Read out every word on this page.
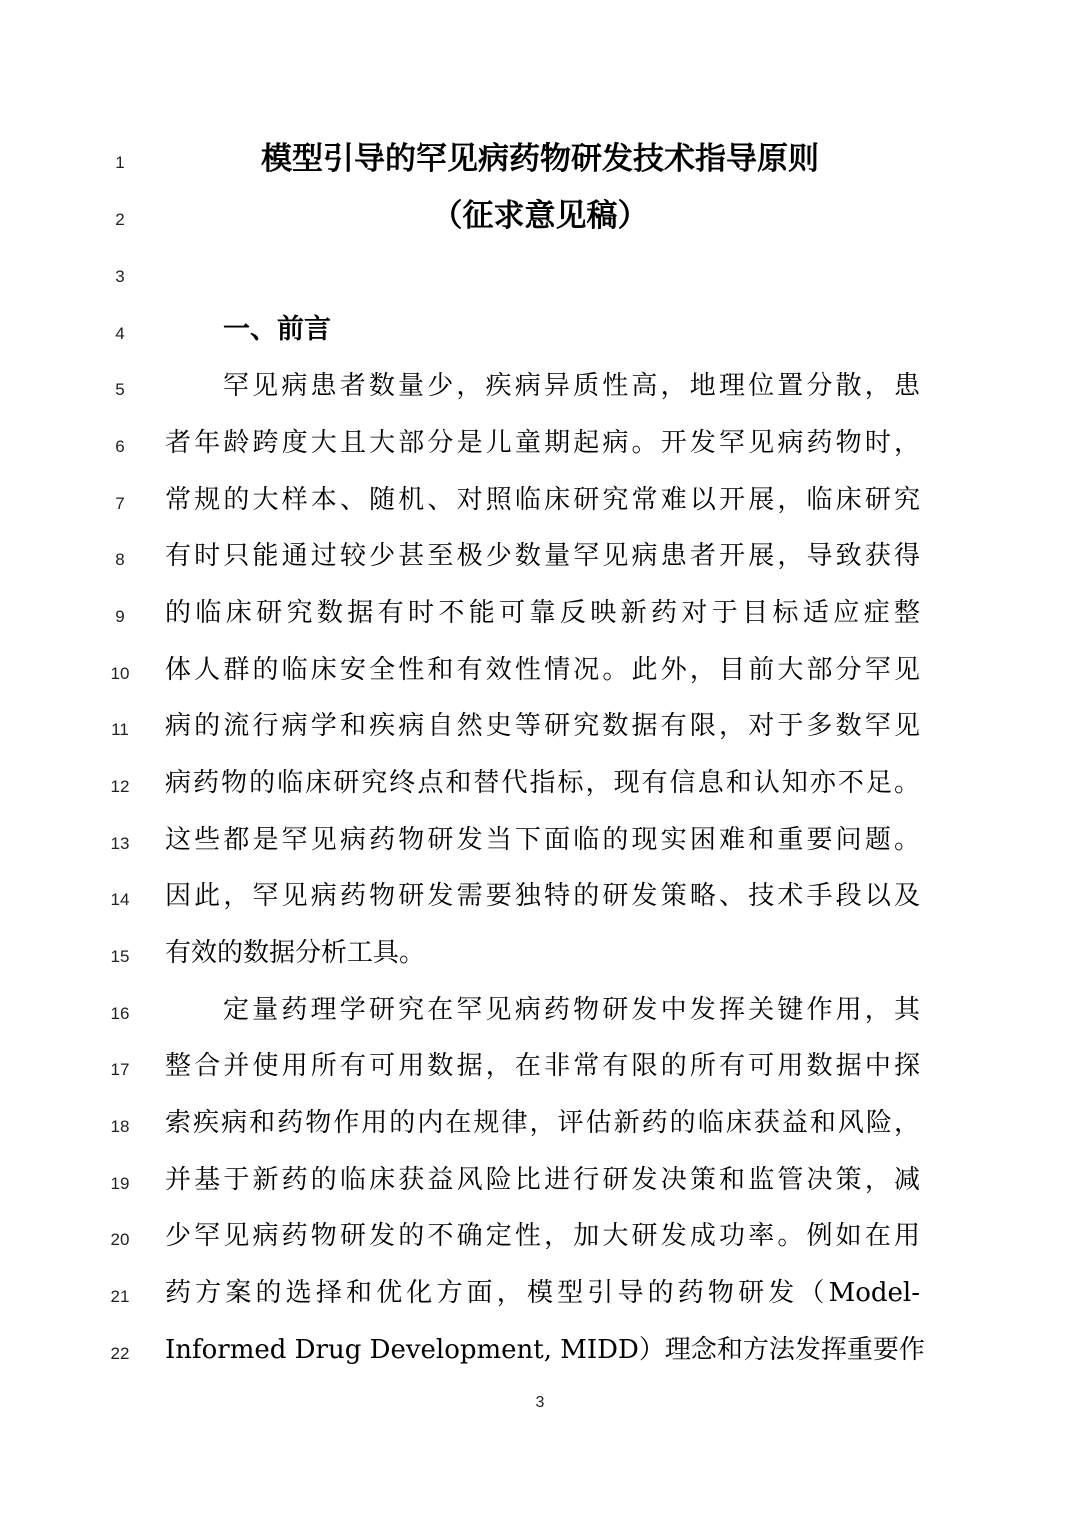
1
2
3
4
5
6
7
8
9
10
11
12
13
14
15
16
17
18
19
20
21
22
模型引导的罕见病药物研发技术指导原则
（征求意见稿）
一、前言
罕见病患者数量少，疾病异质性高，地理位置分散，患
者年龄跨度大且大部分是儿童期起病。开发罕见病药物时，
常规的大样本、随机、对照临床研究常难以开展，临床研究
有时只能通过较少甚至极少数量罕见病患者开展，导致获得
的临床研究数据有时不能可靠反映新药对于目标适应症整
体人群的临床安全性和有效性情况。此外，目前大部分罕见
病的流行病学和疾病自然史等研究数据有限，对于多数罕见
病药物的临床研究终点和替代指标，现有信息和认知亦不足。
这些都是罕见病药物研发当下面临的现实困难和重要问题。
因此，罕见病药物研发需要独特的研发策略、技术手段以及
有效的数据分析工具。
定量药理学研究在罕见病药物研发中发挥关键作用，其
整合并使用所有可用数据，在非常有限的所有可用数据中探
索疾病和药物作用的内在规律，评估新药的临床获益和风险，
并基于新药的临床获益风险比进行研发决策和监管决策，减
少罕见病药物研发的不确定性，加大研发成功率。例如在用
药方案的选择和优化方面，模型引导的药物研发（Model-
Informed Drug Development, MIDD）理念和方法发挥重要作
3
